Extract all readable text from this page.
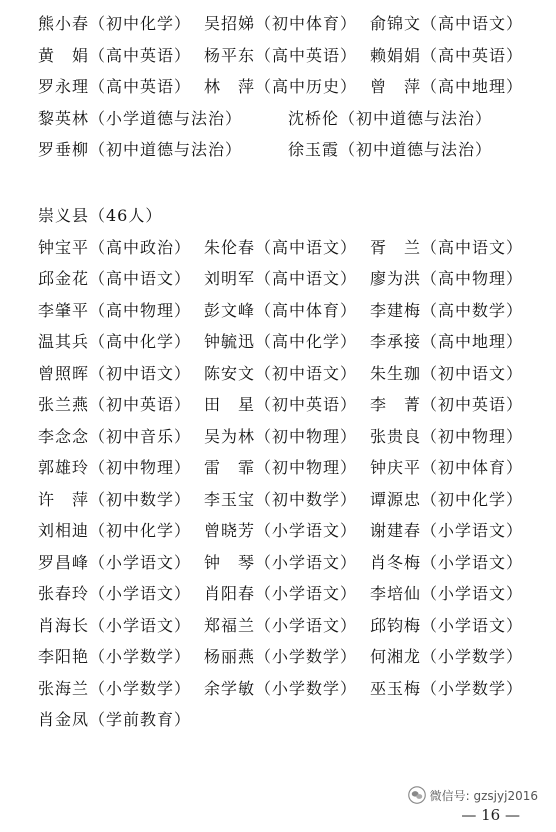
熊小春（初中化学） 吴招娣（初中体育） 俞锦文（高中语文）
黄　娟（高中英语） 杨平东（高中英语） 赖娟娟（高中英语）
罗永理（高中英语） 林　萍（高中历史） 曾　萍（高中地理）
黎英林（小学道德与法治）	沈桥伦（初中道德与法治）
罗垂柳（初中道德与法治）	徐玉霞（初中道德与法治）
崇义县（46人）
钟宝平（高中政治） 朱伦春（高中语文） 胥　兰（高中语文）
邱金花（高中语文） 刘明军（高中语文） 廖为洪（高中物理）
李肇平（高中物理） 彭文峰（高中体育） 李建梅（高中数学）
温其兵（高中化学） 钟毓迅（高中化学） 李承接（高中地理）
曾照晖（初中语文） 陈安文（初中语文） 朱生珈（初中语文）
张兰燕（初中英语） 田　星（初中英语） 李　菁（初中英语）
李念念（初中音乐） 吴为林（初中物理） 张贵良（初中物理）
郭雄玲（初中物理） 雷　霏（初中物理） 钟庆平（初中体育）
许　萍（初中数学） 李玉宝（初中数学） 谭源忠（初中化学）
刘相迪（初中化学） 曾晓芳（小学语文） 谢建春（小学语文）
罗昌峰（小学语文） 钟　琴（小学语文） 肖冬梅（小学语文）
张春玲（小学语文） 肖阳春（小学语文） 李培仙（小学语文）
肖海长（小学语文） 郑福兰（小学语文） 邱钧梅（小学语文）
李阳艳（小学数学） 杨丽燕（小学数学） 何湘龙（小学数学）
张海兰（小学数学） 余学敏（小学数学） 巫玉梅（小学数学）
肖金凤（学前教育）
微信号: gzsjyj2016
— 16 —
